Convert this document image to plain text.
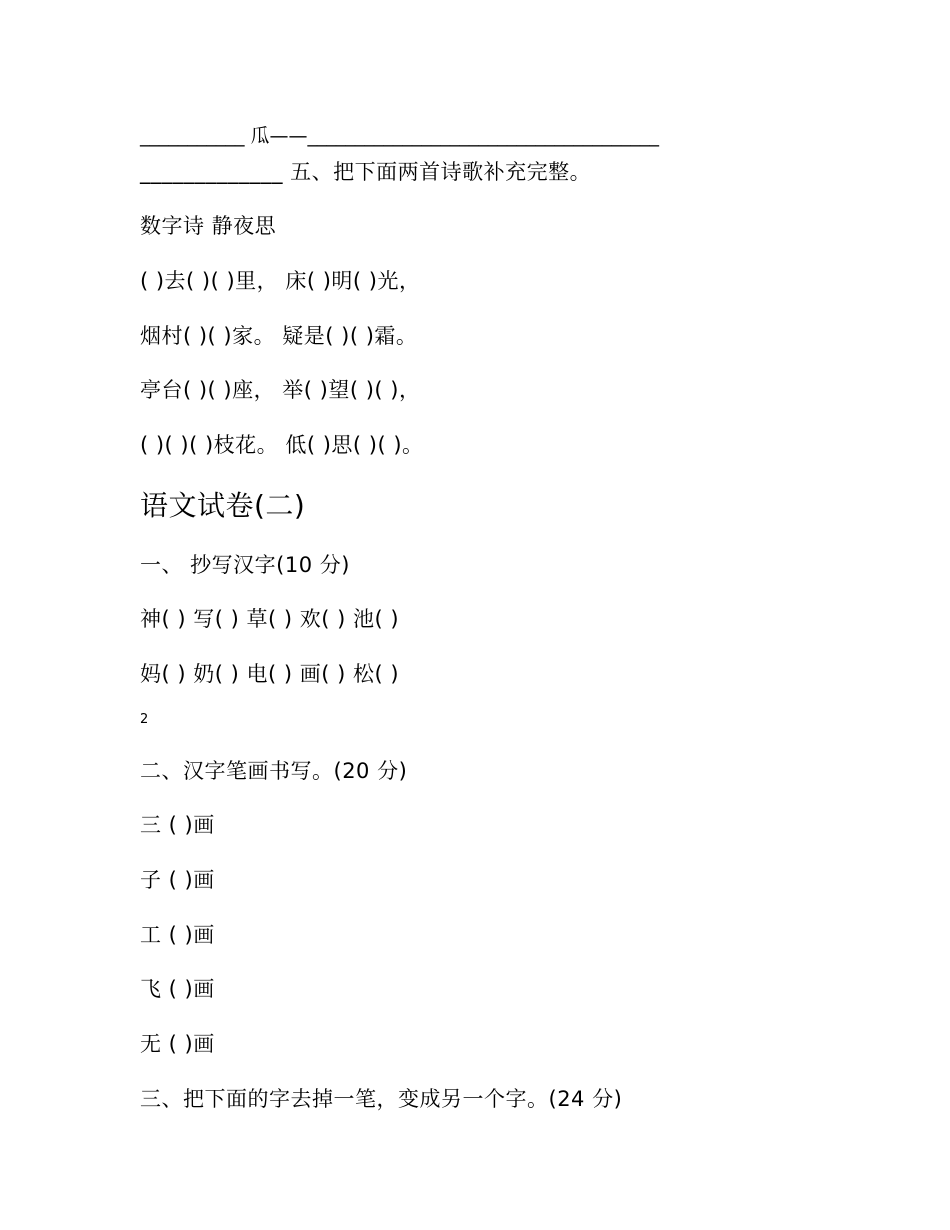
___________ 瓜——_____________________________________
_____________ 五、把下面两首诗歌补充完整。
数字诗 静夜思
( )去( )( )里， 床( )明( )光，
烟村( )( )家。 疑是( )( )霜。
亭台( )( )座， 举( )望( )( )，
( )( )( )枝花。 低( )思( )( )。
语文试卷(二)
一、 抄写汉字(10 分)
神( ) 写( ) 草( ) 欢( ) 池( )
妈( ) 奶( ) 电( ) 画( ) 松( )
2
二、汉字笔画书写。(20 分)
三 ( )画
子 ( )画
工 ( )画
飞 ( )画
无 ( )画
三、把下面的字去掉一笔，变成另一个字。(24 分)
